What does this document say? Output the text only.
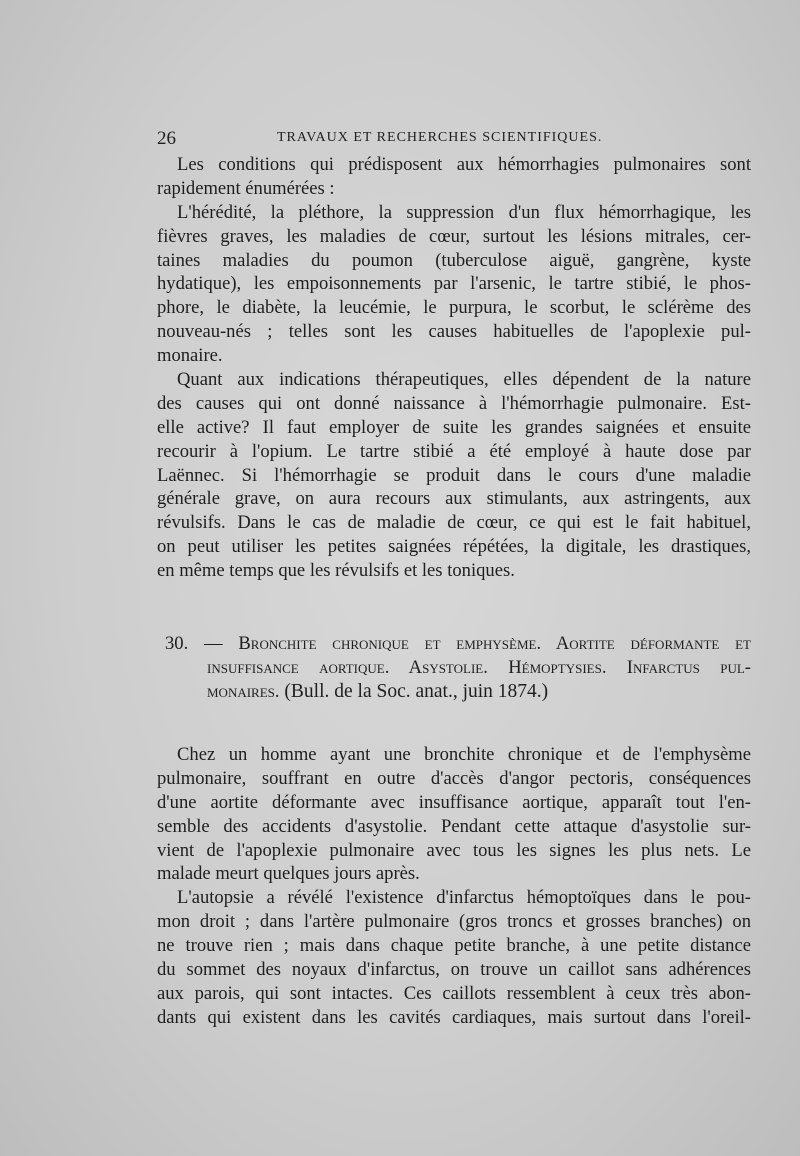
26	TRAVAUX ET RECHERCHES SCIENTIFIQUES.
Les conditions qui prédisposent aux hémorrhagies pulmonaires sont
rapidement énumérées :
L'hérédité, la pléthore, la suppression d'un flux hémorrhagique, les
fièvres graves, les maladies de cœur, surtout les lésions mitrales, cer-
taines maladies du poumon (tuberculose aiguë, gangrène, kyste
hydatique), les empoisonnements par l'arsenic, le tartre stibié, le phos-
phore, le diabète, la leucémie, le purpura, le scorbut, le sclérème des
nouveau-nés ; telles sont les causes habituelles de l'apoplexie pul-
monaire.
Quant aux indications thérapeutiques, elles dépendent de la nature
des causes qui ont donné naissance à l'hémorrhagie pulmonaire. Est-
elle active? Il faut employer de suite les grandes saignées et ensuite
recourir à l'opium. Le tartre stibié a été employé à haute dose par
Laënnec. Si l'hémorrhagie se produit dans le cours d'une maladie
générale grave, on aura recours aux stimulants, aux astringents, aux
révulsifs. Dans le cas de maladie de cœur, ce qui est le fait habituel,
on peut utiliser les petites saignées répétées, la digitale, les drastiques,
en même temps que les révulsifs et les toniques.
30. — Bronchite chronique et emphysème. Aortite déformante et
insuffisance aortique. Asystolie. Hémoptysies. Infarctus pul-
monaires. (Bull. de la Soc. anat., juin 1874.)
Chez un homme ayant une bronchite chronique et de l'emphysème
pulmonaire, souffrant en outre d'accès d'angor pectoris, conséquences
d'une aortite déformante avec insuffisance aortique, apparaît tout l'en-
semble des accidents d'asystolie. Pendant cette attaque d'asystolie sur-
vient de l'apoplexie pulmonaire avec tous les signes les plus nets. Le
malade meurt quelques jours après.
L'autopsie a révélé l'existence d'infarctus hémoptoïques dans le pou-
mon droit ; dans l'artère pulmonaire (gros troncs et grosses branches) on
ne trouve rien ; mais dans chaque petite branche, à une petite distance
du sommet des noyaux d'infarctus, on trouve un caillot sans adhérences
aux parois, qui sont intactes. Ces caillots ressemblent à ceux très abon-
dants qui existent dans les cavités cardiaques, mais surtout dans l'oreil-
